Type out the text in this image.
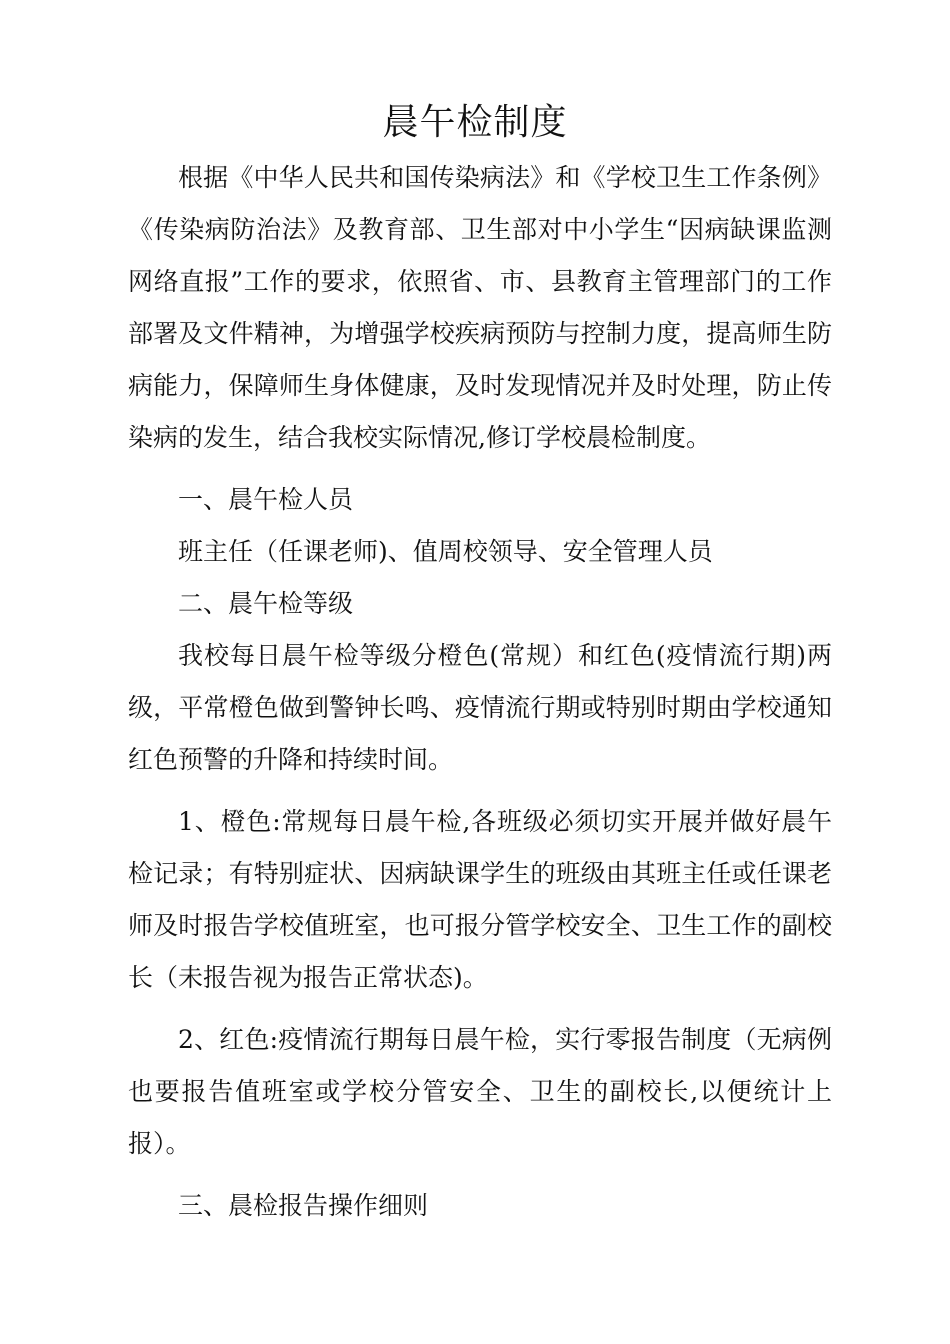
晨午检制度

根据《中华人民共和国传染病法》和《学校卫生工作条例》《传染病防治法》及教育部、卫生部对中小学生“因病缺课监测网络直报”工作的要求，依照省、市、县教育主管理部门的工作部署及文件精神，为增强学校疾病预防与控制力度，提高师生防病能力，保障师生身体健康，及时发现情况并及时处理，防止传染病的发生，结合我校实际情况,修订学校晨检制度。

一、晨午检人员

班主任（任课老师)、值周校领导、安全管理人员

二、晨午检等级

我校每日晨午检等级分橙色(常规）和红色(疫情流行期)两级，平常橙色做到警钟长鸣、疫情流行期或特别时期由学校通知红色预警的升降和持续时间。

1、橙色:常规每日晨午检,各班级必须切实开展并做好晨午检记录；有特别症状、因病缺课学生的班级由其班主任或任课老师及时报告学校值班室，也可报分管学校安全、卫生工作的副校长（未报告视为报告正常状态)。

2、红色:疫情流行期每日晨午检，实行零报告制度（无病例也要报告值班室或学校分管安全、卫生的副校长,以便统计上报）。

三、晨检报告操作细则
